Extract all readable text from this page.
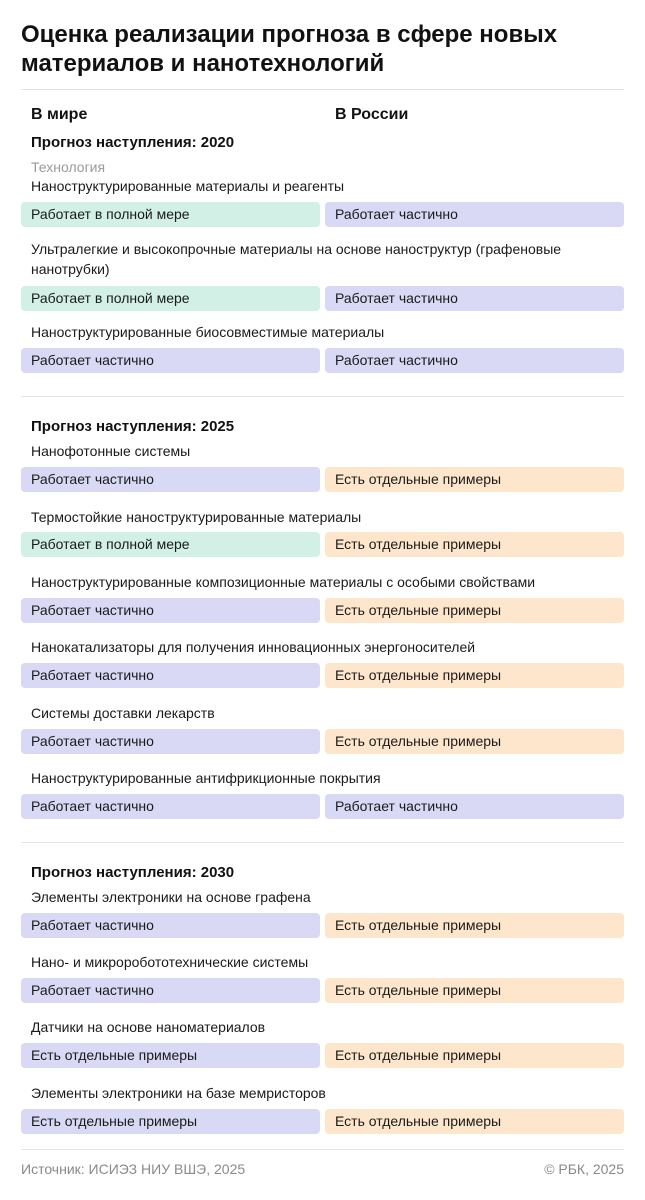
Оценка реализации прогноза в сфере новых материалов и нанотехнологий
В мире	В России
Прогноз наступления: 2020
Технология
Наноструктурированные материалы и реагенты
Работает в полной мере	Работает частично
Ультралегкие и высокопрочные материалы на основе наноструктур (графеновые нанотрубки)
Работает в полной мере	Работает частично
Наноструктурированные биосовместимые материалы
Работает частично	Работает частично
Прогноз наступления: 2025
Нанофотонные системы
Работает частично	Есть отдельные примеры
Термостойкие наноструктурированные материалы
Работает в полной мере	Есть отдельные примеры
Наноструктурированные композиционные материалы с особыми свойствами
Работает частично	Есть отдельные примеры
Нанокатализаторы для получения инновационных энергоносителей
Работает частично	Есть отдельные примеры
Системы доставки лекарств
Работает частично	Есть отдельные примеры
Наноструктурированные антифрикционные покрытия
Работает частично	Работает частично
Прогноз наступления: 2030
Элементы электроники на основе графена
Работает частично	Есть отдельные примеры
Нано- и микроробототехнические системы
Работает частично	Есть отдельные примеры
Датчики на основе наноматериалов
Есть отдельные примеры	Есть отдельные примеры
Элементы электроники на базе мемристоров
Есть отдельные примеры	Есть отдельные примеры
Источник: ИСИЭЗ НИУ ВШЭ, 2025	© РБК, 2025
